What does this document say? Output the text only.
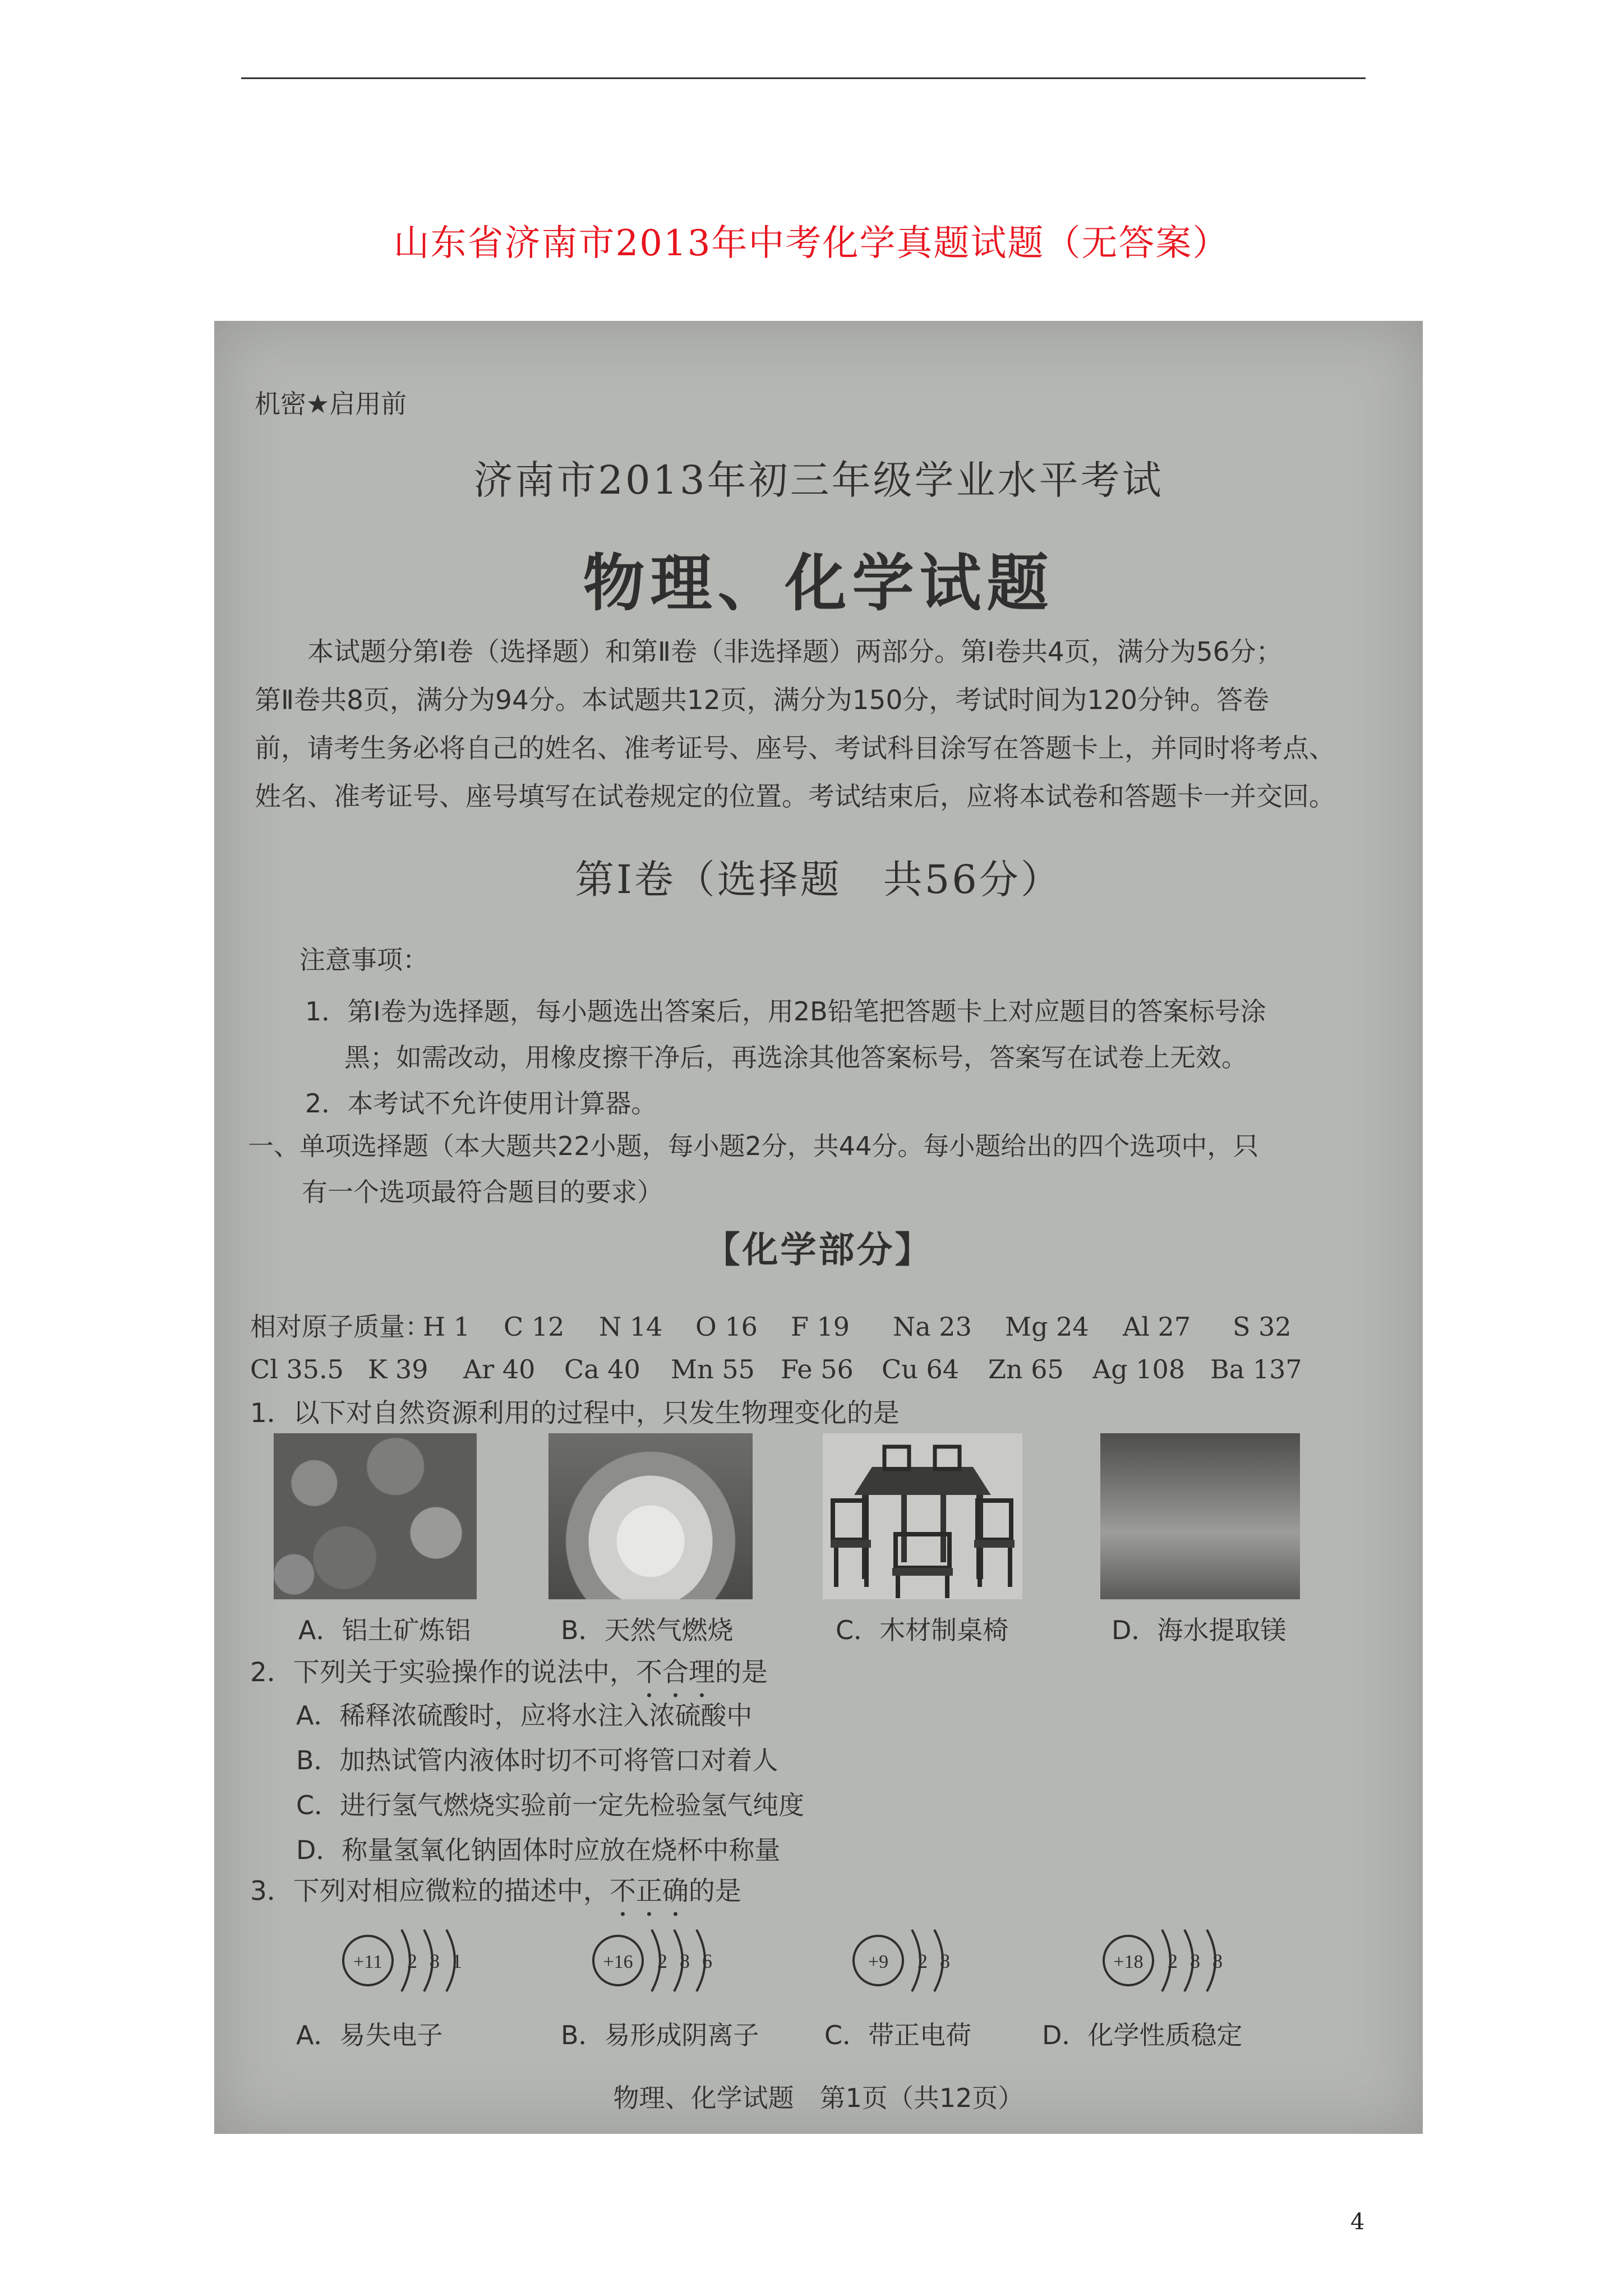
山东省济南市2013年中考化学真题试题（无答案）
机密★启用前
济南市2013年初三年级学业水平考试
物理、化学试题

本试题分第Ⅰ卷（选择题）和第Ⅱ卷（非选择题）两部分。第Ⅰ卷共4页，满分为56分；

第Ⅱ卷共8页，满分为94分。本试题共12页，满分为150分，考试时间为120分钟。答卷

前，请考生务必将自己的姓名、准考证号、座号、考试科目涂写在答题卡上，并同时将考点、

姓名、准考证号、座号填写在试卷规定的位置。考试结束后，应将本试卷和答题卡一并交回。

第Ⅰ卷（选择题　共56分）
注意事项：
1．第Ⅰ卷为选择题，每小题选出答案后，用2B铅笔把答题卡上对应题目的答案标号涂
黑；如需改动，用橡皮擦干净后，再选涂其他答案标号，答案写在试卷上无效。
2．本考试不允许使用计算器。
一、单项选择题（本大题共22小题，每小题2分，共44分。每小题给出的四个选项中，只
有一个选项最符合题目的要求）
【化学部分】
相对原子质量：
H 1	C 12	N 14	O 16	F 19	Na 23	Mg 24	Al 27	S 32
Cl 35.5 K 39	Ar 40	Ca 40	Mn 55	Fe 56	Cu 64	Zn 65	Ag 108 Ba 137
1．以下对自然资源利用的过程中，只发生物理变化的是
A．铝土矿炼铝	B．天然气燃烧	C．木材制桌椅	D．海水提取镁
2．下列关于实验操作的说法中，不合理的是
A．稀释浓硫酸时，应将水注入浓硫酸中
B．加热试管内液体时切不可将管口对着人
C．进行氢气燃烧实验前一定先检验氢气纯度
D．称量氢氧化钠固体时应放在烧杯中称量
3．下列对相应微粒的描述中，不正确的是
+11 2 8 1	+16 2 8 6	+9 2 8	+18 2 8 8
A．易失电子	B．易形成阴离子	C．带正电荷	D．化学性质稳定
物理、化学试题　第1页（共12页）
4
